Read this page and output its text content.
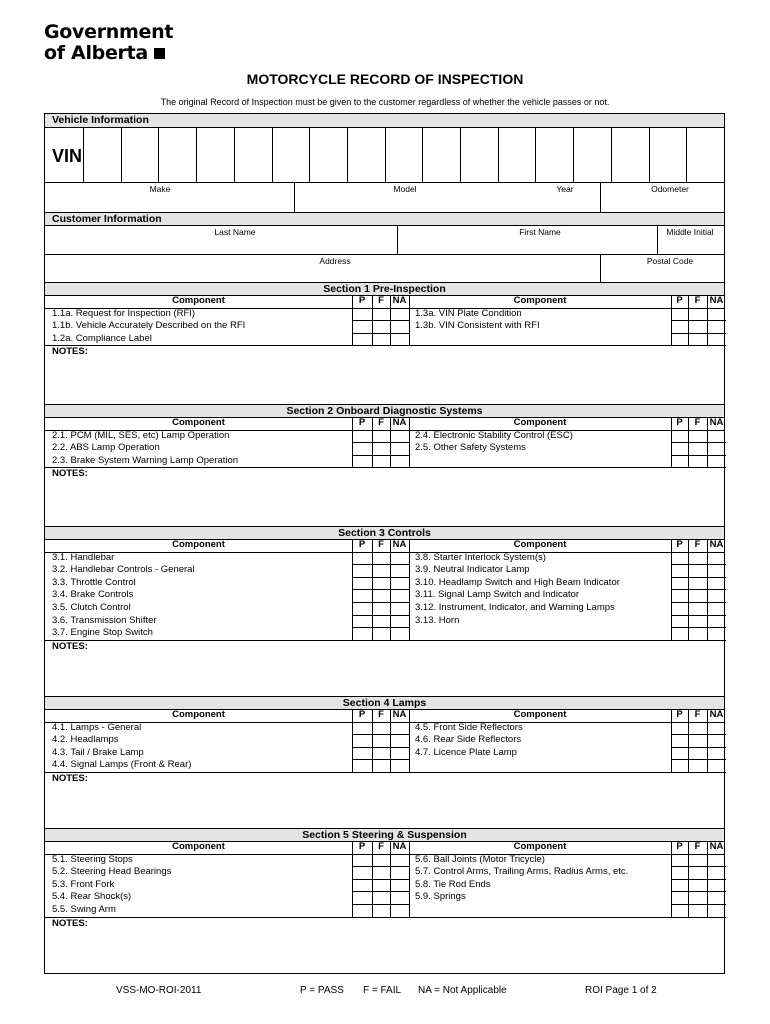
Government
of Alberta
MOTORCYCLE RECORD OF INSPECTION
The original Record of Inspection must be given to the customer regardless of whether the vehicle passes or not.
Vehicle Information
VIN
Make	Model	Year	Odometer
Customer Information
Last Name	First Name	Middle Initial
Address	Postal Code
Section 1 Pre-Inspection
Component	P	F NA	Component	P	F NA
1.1a. Request for Inspection (RFI)	1.3a. VIN Plate Condition
1.1b. Vehicle Accurately Described on the RFI	1.3b. VIN Consistent with RFI
1.2a. Compliance Label
NOTES:
Section 2 Onboard Diagnostic Systems
Component	P	F NA	Component	P	F NA
2.1. PCM (MIL, SES, etc) Lamp Operation	2.4. Electronic Stability Control (ESC)
2.2. ABS Lamp Operation	2.5. Other Safety Systems
2.3. Brake System Warning Lamp Operation
NOTES:
Section 3 Controls
Component	P	F NA	Component	P	F NA
3.1. Handlebar	3.8. Starter Interlock System(s)
3.2. Handlebar Controls - General	3.9. Neutral Indicator Lamp
3.3. Throttle Control	3.10. Headlamp Switch and High Beam Indicator
3.4. Brake Controls	3.11. Signal Lamp Switch and Indicator
3.5. Clutch Control	3.12. Instrument, Indicator, and Warning Lamps
3.6. Transmission Shifter	3.13. Horn
3.7. Engine Stop Switch
NOTES:
Section 4 Lamps
Component	P	F NA	Component	P	F NA
4.1. Lamps - General	4.5. Front Side Reflectors
4.2. Headlamps	4.6. Rear Side Reflectors
4.3. Tail / Brake Lamp	4.7. Licence Plate Lamp
4.4. Signal Lamps (Front & Rear)
NOTES:
Section 5 Steering & Suspension
Component	P	F NA	Component	P	F NA
5.1. Steering Stops	5.6. Ball Joints (Motor Tricycle)
5.2. Steering Head Bearings	5.7. Control Arms, Trailing Arms, Radius Arms, etc.
5.3. Front Fork	5.8. Tie Rod Ends
5.4. Rear Shock(s)	5.9. Springs
5.5. Swing Arm
NOTES:
VSS-MO-ROI-2011	P = PASS F = FAIL NA = Not Applicable	ROI Page 1 of 2
